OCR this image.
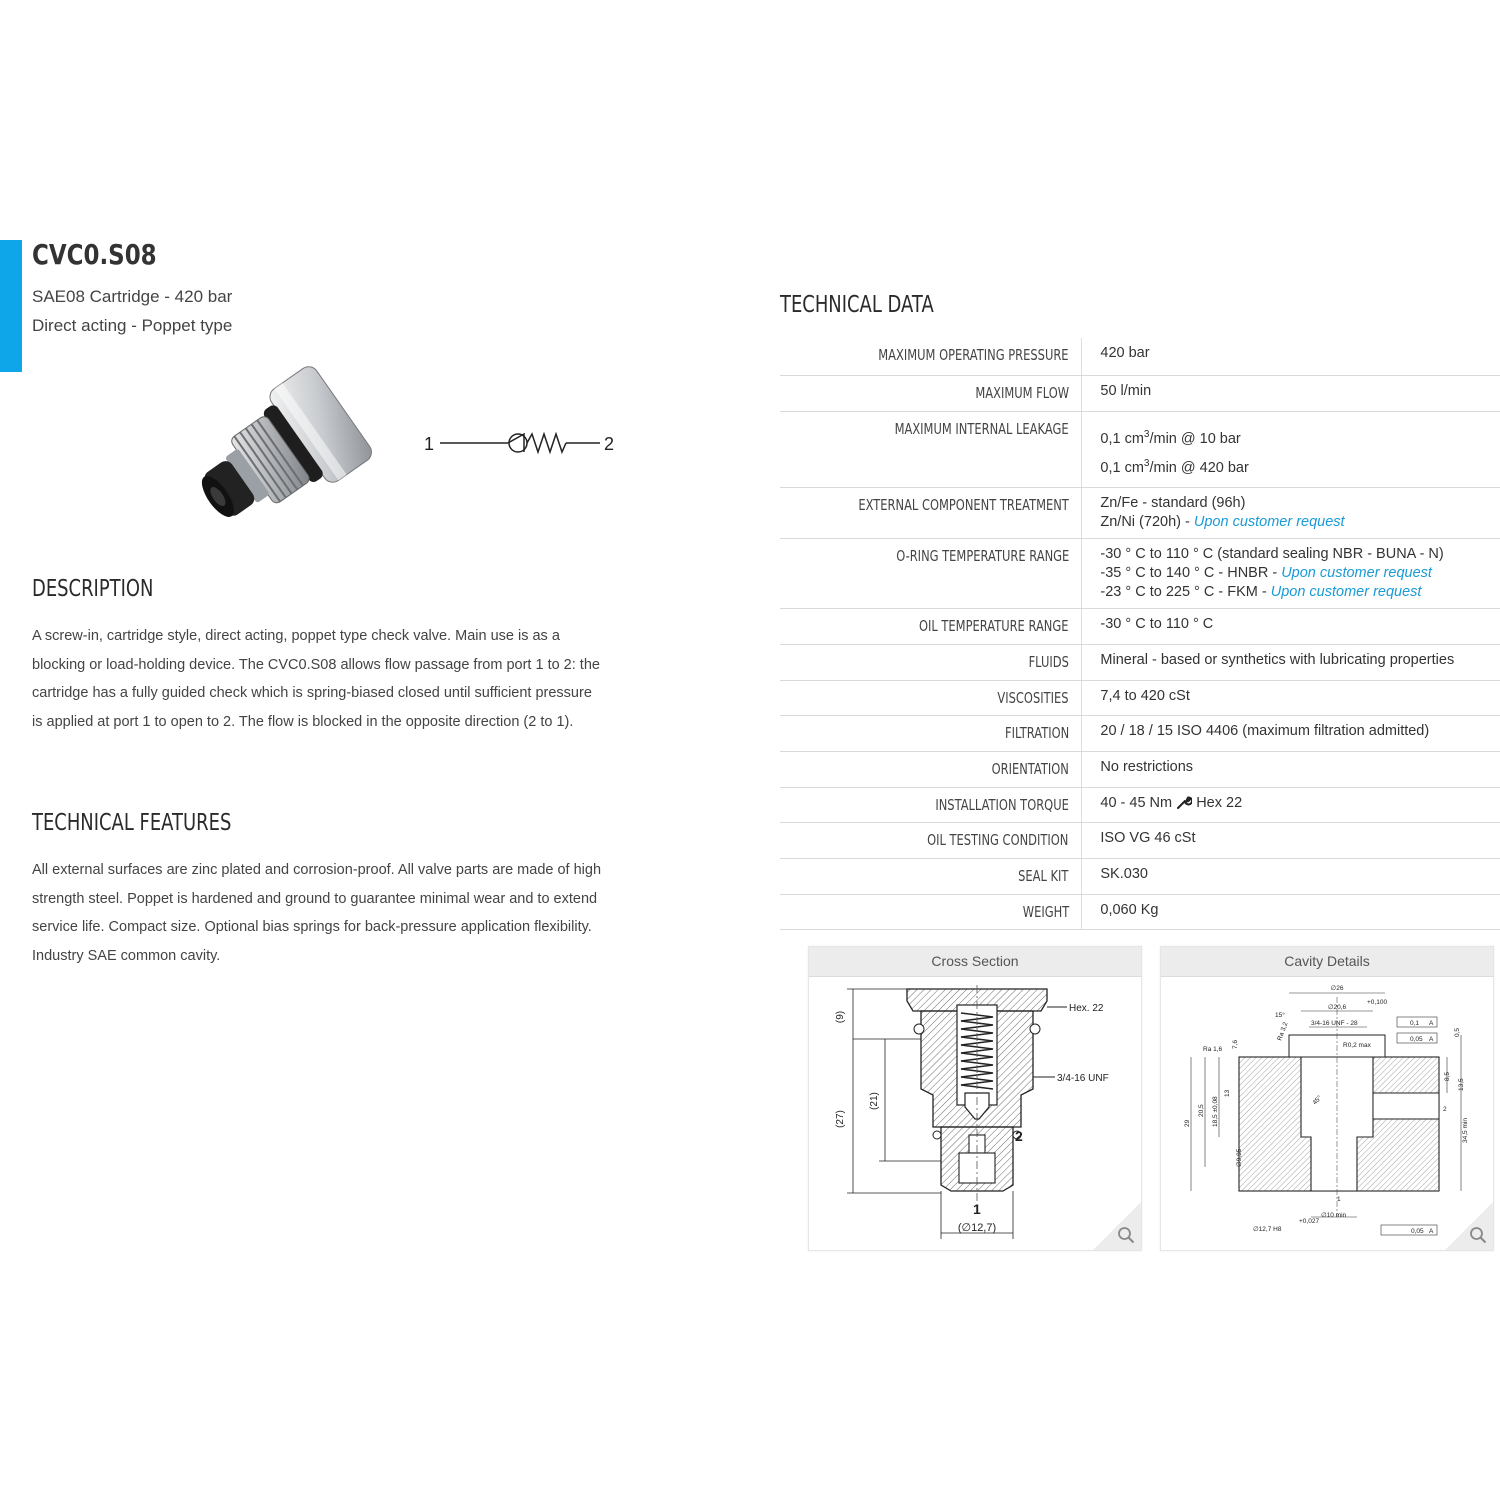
CVC0.S08
SAE08 Cartridge - 420 bar
Direct acting - Poppet type
1	2
DESCRIPTION
A screw-in, cartridge style, direct acting, poppet type check valve. Main use is as a
blocking or load-holding device. The CVC0.S08 allows flow passage from port 1 to 2: the
cartridge has a fully guided check which is spring-biased closed until sufficient pressure
is applied at port 1 to open to 2. The flow is blocked in the opposite direction (2 to 1).
TECHNICAL FEATURES
All external surfaces are zinc plated and corrosion-proof. All valve parts are made of high
strength steel. Poppet is hardened and ground to guarantee minimal wear and to extend
service life. Compact size. Optional bias springs for back-pressure application flexibility.
Industry SAE common cavity.
TECHNICAL DATA
MAXIMUM OPERATING PRESSURE	420 bar

MAXIMUM FLOW	50 l/min

MAXIMUM INTERNAL LEAKAGE	0,1 $cm^3/\min$ @ 10 bar
0,1 $cm^3/\min$ @ 420 bar

EXTERNAL COMPONENT TREATMENT	Zn/Fe - standard (96h)
Zn/Ni (720h) - Upon customer request

O-RING TEMPERATURE RANGE	-30 ° C to 110 ° C (standard sealing NBR - BUNA - N)
-35 ° C to 140 ° C - HNBR - Upon customer request
-23 ° C to 225 ° C - FKM - Upon customer request

OIL TEMPERATURE RANGE	-30 ° C to 110 ° C

FLUIDS	Mineral - based or synthetics with lubricating properties

VISCOSITIES	7,4 to 420 cSt

FILTRATION	20 / 18 / 15 ISO 4406 (maximum filtration admitted)

ORIENTATION	No restrictions

INSTALLATION TORQUE	40 - 45 Nm Hex 22

OIL TESTING CONDITION	ISO VG 46 cSt

SEAL KIT	SK.030

WEIGHT	0,060 Kg
Cross Section
Hex. 22
3/4-16 UNF
2
1
(9)
(27)
(21)
(∅12,7)
Cavity Details
∅26
+0,100
∅20,6
3/4-16 UNF - 28
15°
R0,2 max
Ra 1,6
Ra 3,2	0,1
0,05
A
A
0,5
8,5
13,5
34,5 min
29
20,5 18,5 ±0,08
13
∅9,95
7,6
45°
2
1
∅12,7 H8
+0,027
∅10 min
0,05 A
